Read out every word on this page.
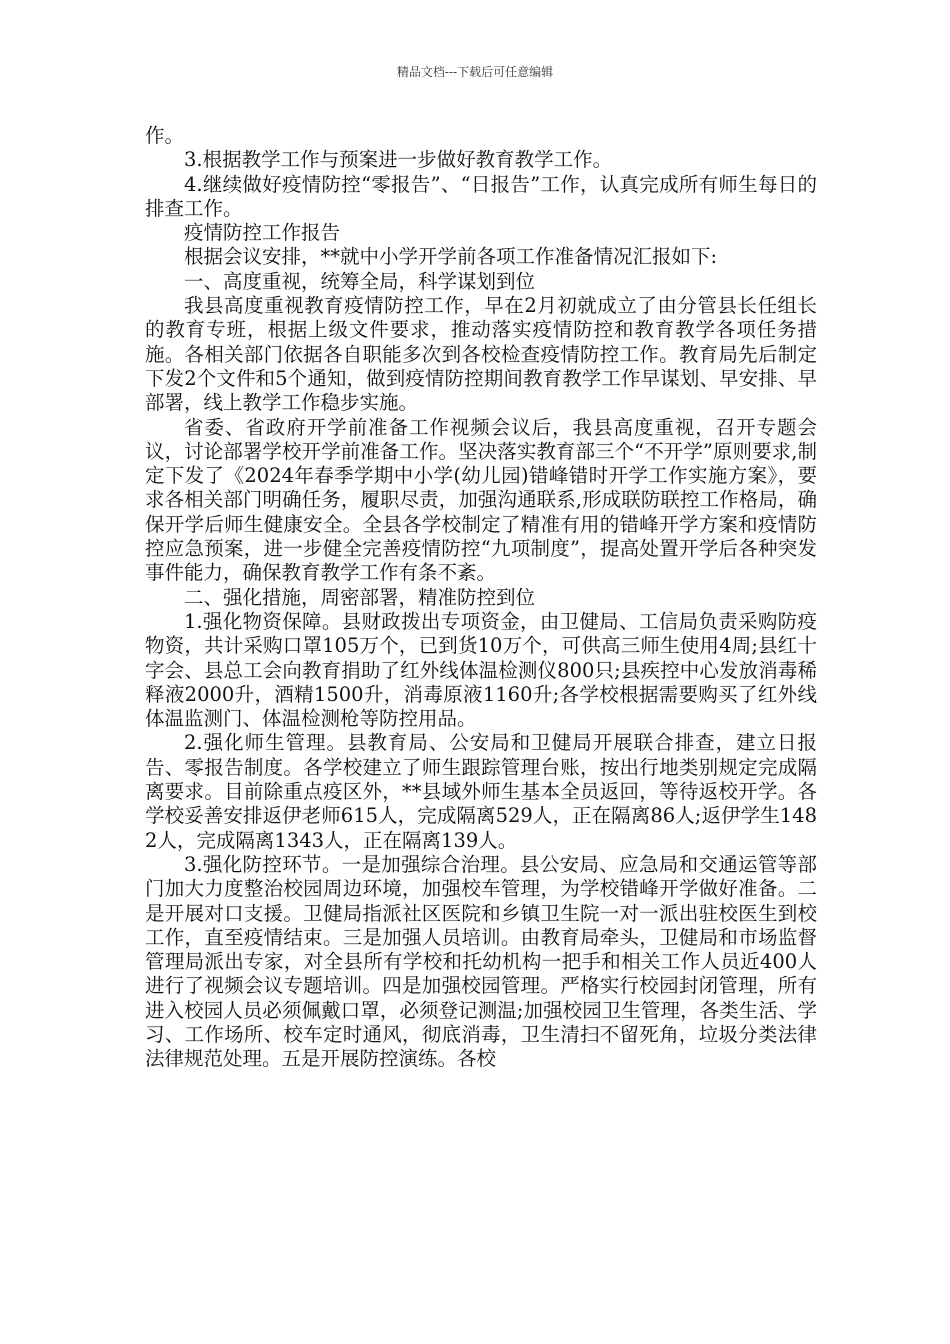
精品文档---下载后可任意编辑

作。

3.根据教学工作与预案进一步做好教育教学工作。

4.继续做好疫情防控“零报告”、“日报告”工作，认真完成所有师生每日的排查工作。

疫情防控工作报告

根据会议安排，**就中小学开学前各项工作准备情况汇报如下:

一、高度重视，统筹全局，科学谋划到位

我县高度重视教育疫情防控工作，早在2月初就成立了由分管县长任组长的教育专班，根据上级文件要求，推动落实疫情防控和教育教学各项任务措施。各相关部门依据各自职能多次到各校检查疫情防控工作。教育局先后制定下发2个文件和5个通知，做到疫情防控期间教育教学工作早谋划、早安排、早部署，线上教学工作稳步实施。

省委、省政府开学前准备工作视频会议后，我县高度重视，召开专题会议，讨论部署学校开学前准备工作。坚决落实教育部三个“不开学”原则要求,制定下发了《2024年春季学期中小学(幼儿园)错峰错时开学工作实施方案》，要求各相关部门明确任务，履职尽责，加强沟通联系,形成联防联控工作格局，确保开学后师生健康安全。全县各学校制定了精准有用的错峰开学方案和疫情防控应急预案，进一步健全完善疫情防控“九项制度”，提高处置开学后各种突发事件能力，确保教育教学工作有条不紊。

二、强化措施，周密部署，精准防控到位

1.强化物资保障。县财政拨出专项资金，由卫健局、工信局负责采购防疫物资，共计采购口罩105万个，已到货10万个，可供高三师生使用4周;县红十字会、县总工会向教育捐助了红外线体温检测仪800只;县疾控中心发放消毒稀释液2000升，酒精1500升，消毒原液1160升;各学校根据需要购买了红外线体温监测门、体温检测枪等防控用品。

2.强化师生管理。县教育局、公安局和卫健局开展联合排查，建立日报告、零报告制度。各学校建立了师生跟踪管理台账，按出行地类别规定完成隔离要求。目前除重点疫区外，**县域外师生基本全员返回，等待返校开学。各学校妥善安排返伊老师615人，完成隔离529人，正在隔离86人;返伊学生1482人，完成隔离1343人，正在隔离139人。

3.强化防控环节。一是加强综合治理。县公安局、应急局和交通运管等部门加大力度整治校园周边环境，加强校车管理，为学校错峰开学做好准备。二是开展对口支援。卫健局指派社区医院和乡镇卫生院一对一派出驻校医生到校工作，直至疫情结束。三是加强人员培训。由教育局牵头，卫健局和市场监督管理局派出专家，对全县所有学校和托幼机构一把手和相关工作人员近400人进行了视频会议专题培训。四是加强校园管理。严格实行校园封闭管理，所有进入校园人员必须佩戴口罩，必须登记测温;加强校园卫生管理，各类生活、学习、工作场所、校车定时通风，彻底消毒，卫生清扫不留死角，垃圾分类法律法律规范处理。五是开展防控演练。各校
